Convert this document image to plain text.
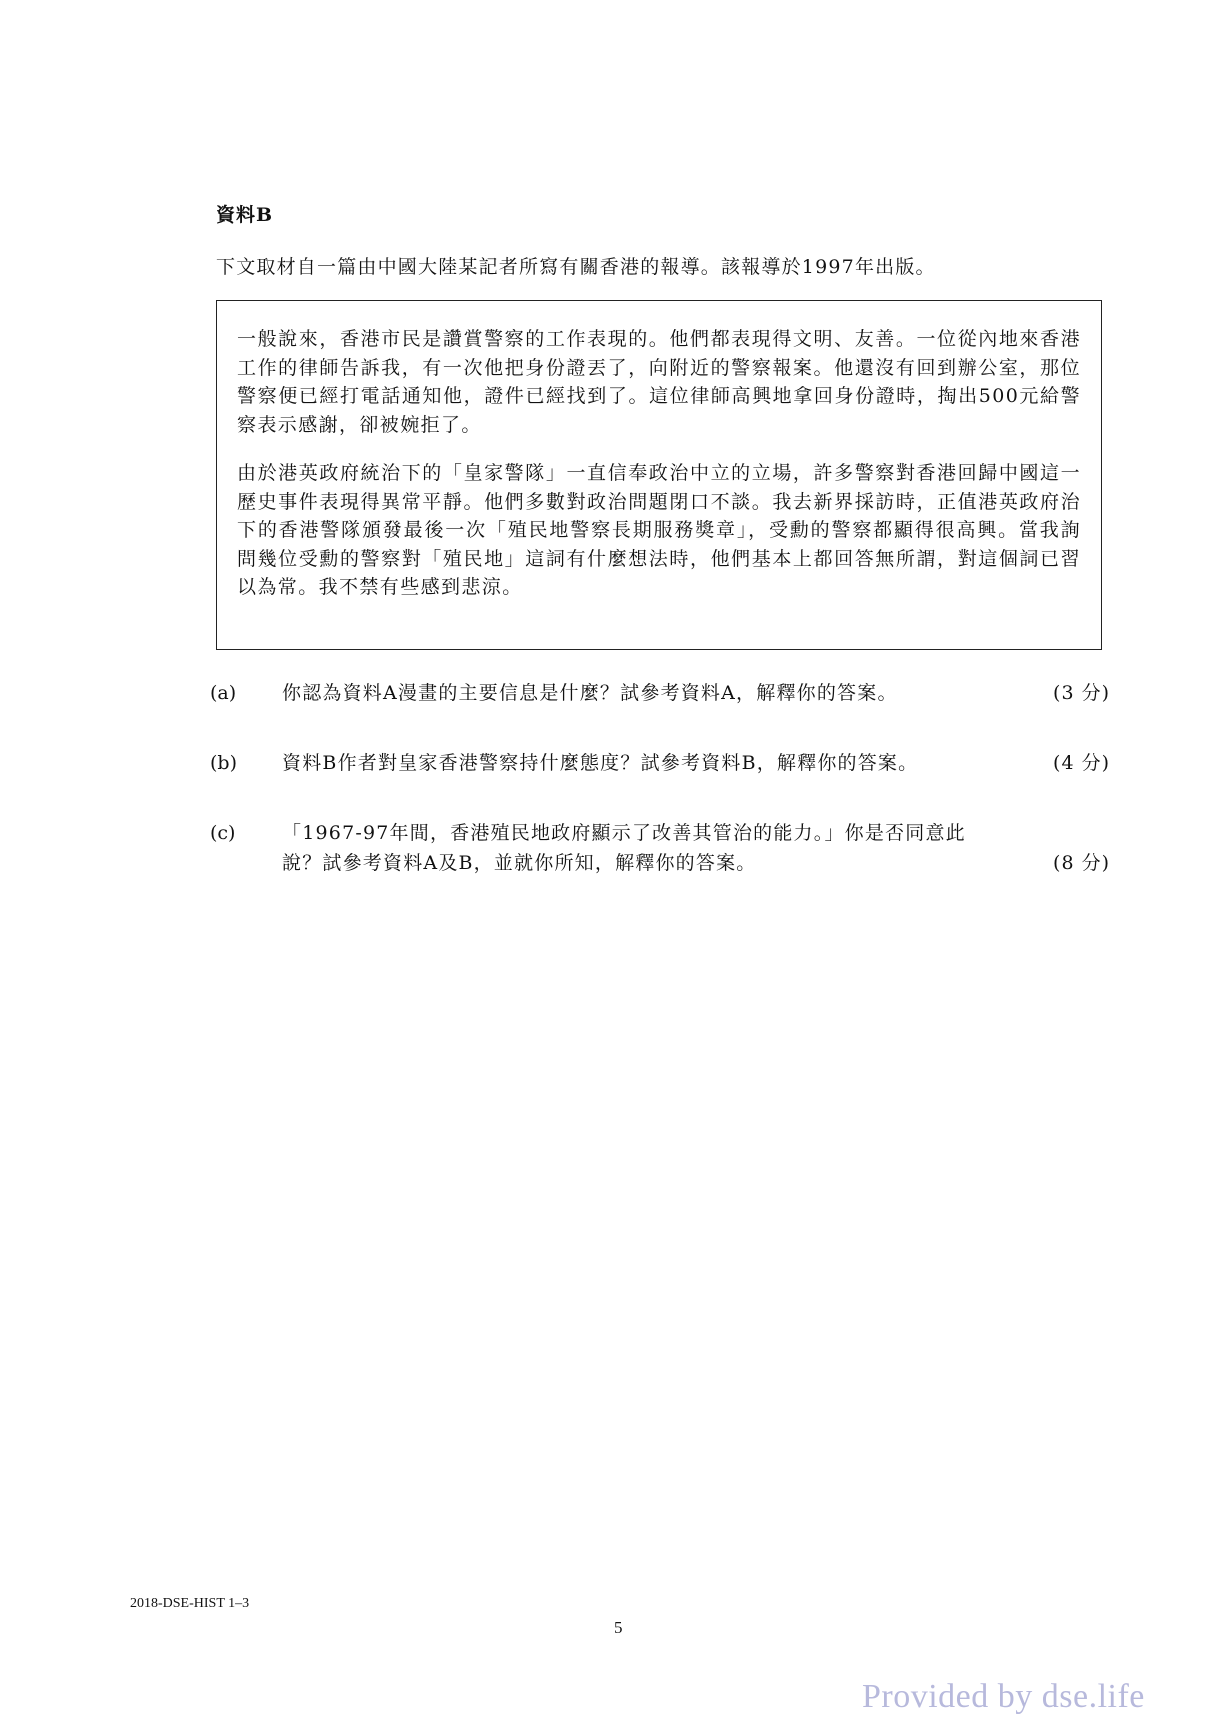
資料B
下文取材自一篇由中國大陸某記者所寫有關香港的報導。該報導於1997年出版。

一般說來，香港市民是讚賞警察的工作表現的。他們都表現得文明、友善。一位從內地來香港工作的律師告訴我，有一次他把身份證丟了，向附近的警察報案。他還沒有回到辦公室，那位警察便已經打電話通知他，證件已經找到了。這位律師高興地拿回身份證時，掏出500元給警察表示感謝，卻被婉拒了。

由於港英政府統治下的「皇家警隊」一直信奉政治中立的立場，許多警察對香港回歸中國這一歷史事件表現得異常平靜。他們多數對政治問題閉口不談。我去新界採訪時，正值港英政府治下的香港警隊頒發最後一次「殖民地警察長期服務獎章」，受勳的警察都顯得很高興。當我詢問幾位受勳的警察對「殖民地」這詞有什麼想法時，他們基本上都回答無所謂，對這個詞已習以為常。我不禁有些感到悲涼。

(a) 你認為資料A漫畫的主要信息是什麼？試參考資料A，解釋你的答案。	(3 分)
(b) 資料B作者對皇家香港警察持什麼態度？試參考資料B，解釋你的答案。	(4 分)
(c) 「1967-97年間，香港殖民地政府顯示了改善其管治的能力。」你是否同意此說？試參考資料A及B，並就你所知，解釋你的答案。	(8 分)
2018-DSE-HIST 1–3
5
Provided by dse.life
